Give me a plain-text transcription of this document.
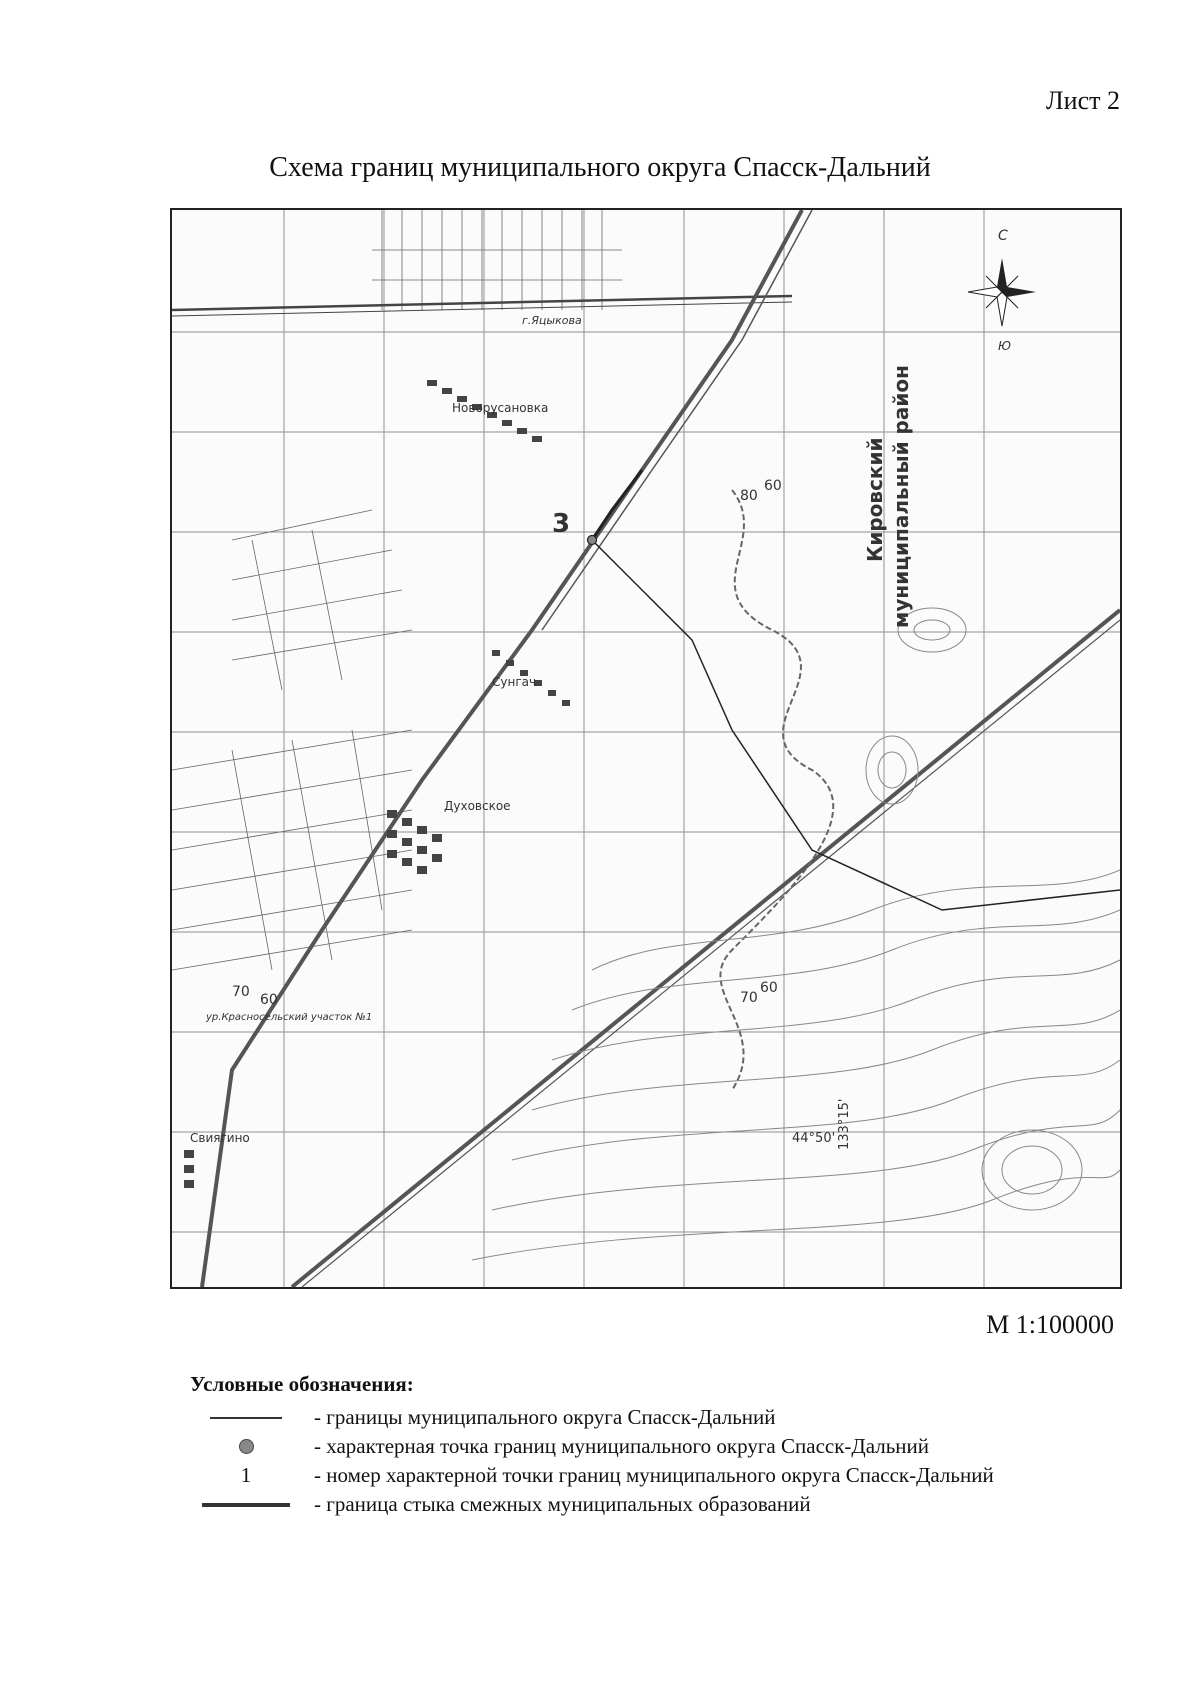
Лист 2
Схема границ муниципального округа Спасск-Дальний
3
С
Ю
Кировский муниципальный район
Новорусановка
г.Яцыкова
Сунгач
Духовское
Свиягино
ур.Красносельский участок №1
80
60
70 60	70
60
44°50' 133°15'
М 1:100000
Условные обозначения:
- границы муниципального округа Спасск-Дальний
- характерная точка границ муниципального округа Спасск-Дальний
1	- номер характерной точки границ муниципального округа Спасск-Дальний
- граница стыка смежных муниципальных образований
